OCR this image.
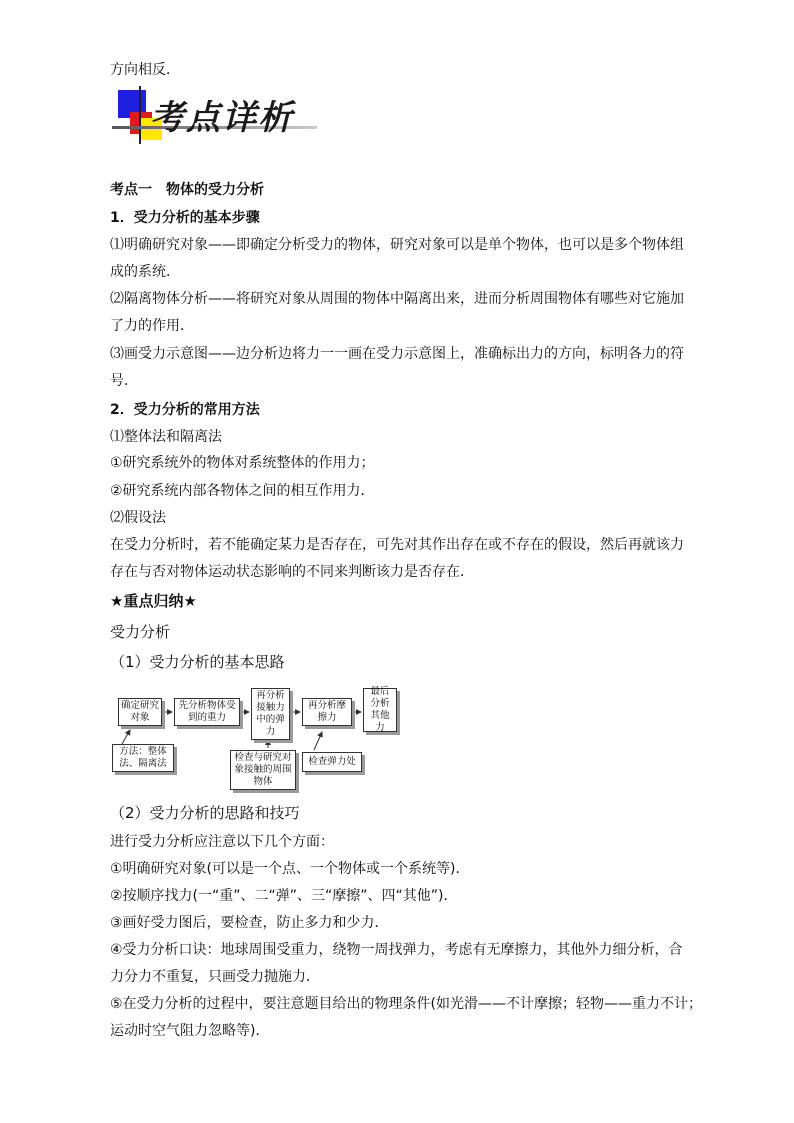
方向相反．
考点详析
考点一　物体的受力分析
1．受力分析的基本步骤
⑴明确研究对象——即确定分析受力的物体，研究对象可以是单个物体，也可以是多个物体组
成的系统．
⑵隔离物体分析——将研究对象从周围的物体中隔离出来，进而分析周围物体有哪些对它施加
了力的作用．
⑶画受力示意图——边分析边将力一一画在受力示意图上，准确标出力的方向，标明各力的符
号．
2．受力分析的常用方法
⑴整体法和隔离法
①研究系统外的物体对系统整体的作用力；
②研究系统内部各物体之间的相互作用力．
⑵假设法
在受力分析时，若不能确定某力是否存在，可先对其作出存在或不存在的假设，然后再就该力
存在与否对物体运动状态影响的不同来判断该力是否存在．
★重点归纳★
受力分析
（1）受力分析的基本思路
确定研究对象
先分析物体受到的重力
再分析接触力中的弹力
再分析摩擦力
最后分析其他力
方法：整体法、隔离法
检查与研究对象接触的周围物体
检查弹力处
（2）受力分析的思路和技巧
进行受力分析应注意以下几个方面：
①明确研究对象(可以是一个点、一个物体或一个系统等)．
②按顺序找力(一“重”、二“弹”、三“摩擦”、四“其他”)．
③画好受力图后，要检查，防止多力和少力．
④受力分析口诀：地球周围受重力，绕物一周找弹力，考虑有无摩擦力，其他外力细分析，合
力分力不重复，只画受力抛施力．
⑤在受力分析的过程中，要注意题目给出的物理条件(如光滑——不计摩擦；轻物——重力不计；
运动时空气阻力忽略等)．
